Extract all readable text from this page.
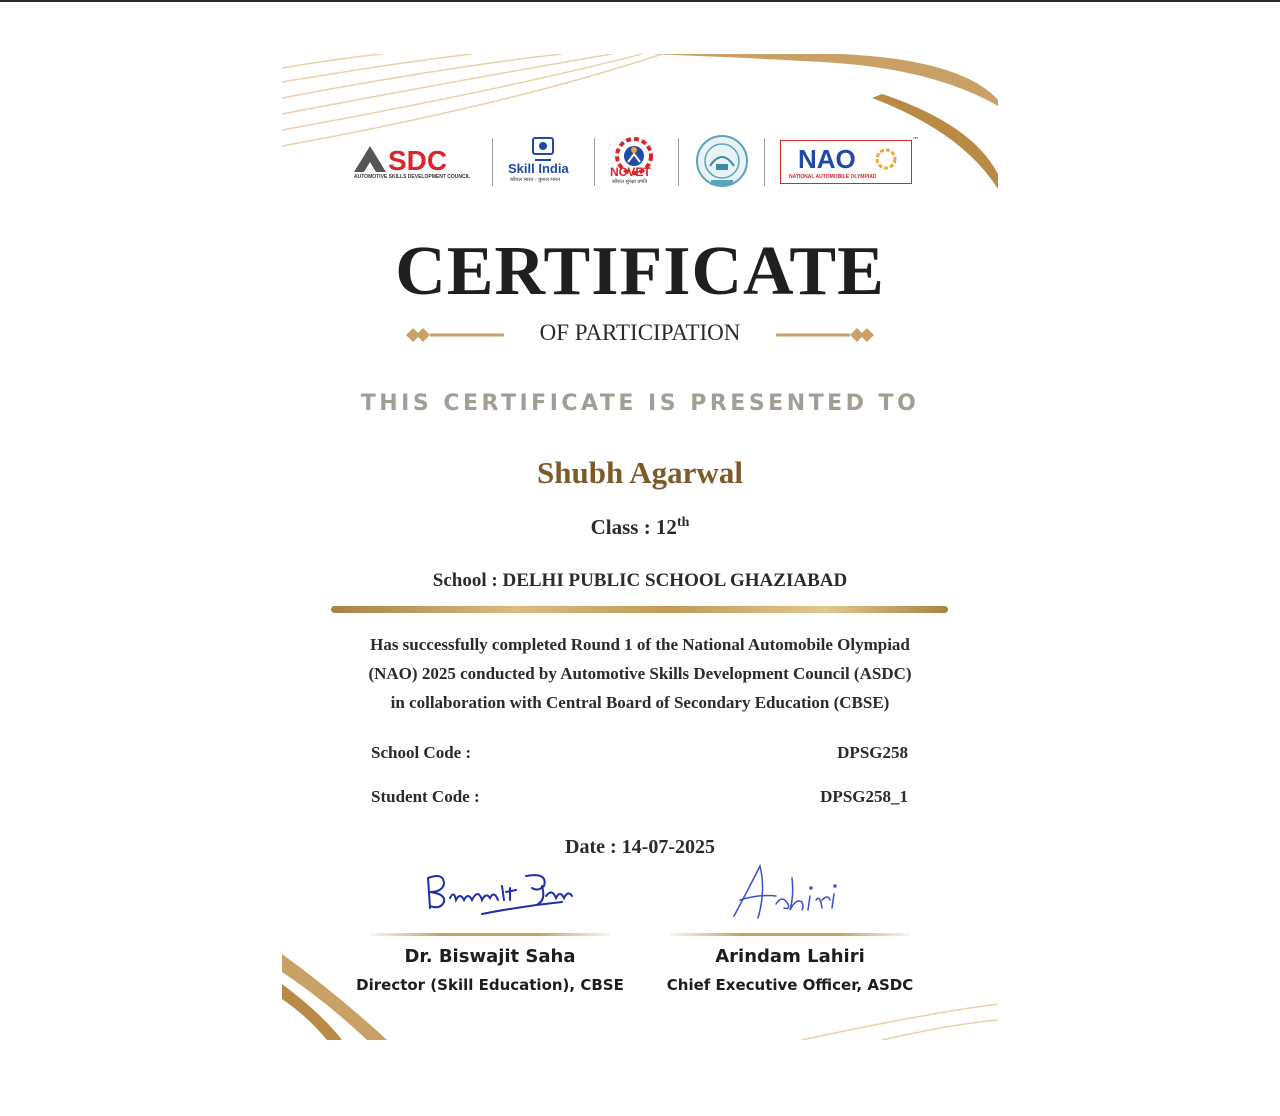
SDC
AUTOMOTIVE SKILLS DEVELOPMENT COUNCIL
Skill India
कौशल भारत - कुशल भारत
NCVET
कौशल सुरक्षा प्रगति
NAO
NATIONAL AUTOMOBILE OLYMPIAD
™
CERTIFICATE
OF PARTICIPATION
THIS CERTIFICATE IS PRESENTED TO
Shubh Agarwal
Class : 12th
School : DELHI PUBLIC SCHOOL GHAZIABAD
Has successfully completed Round 1 of the National Automobile Olympiad
(NAO) 2025 conducted by Automotive Skills Development Council (ASDC)
in collaboration with Central Board of Secondary Education (CBSE)
School Code :	DPSG258
Student Code :	DPSG258_1
Date : 14-07-2025
Dr. Biswajit Saha
Director (Skill Education), CBSE
Arindam Lahiri
Chief Executive Officer, ASDC
